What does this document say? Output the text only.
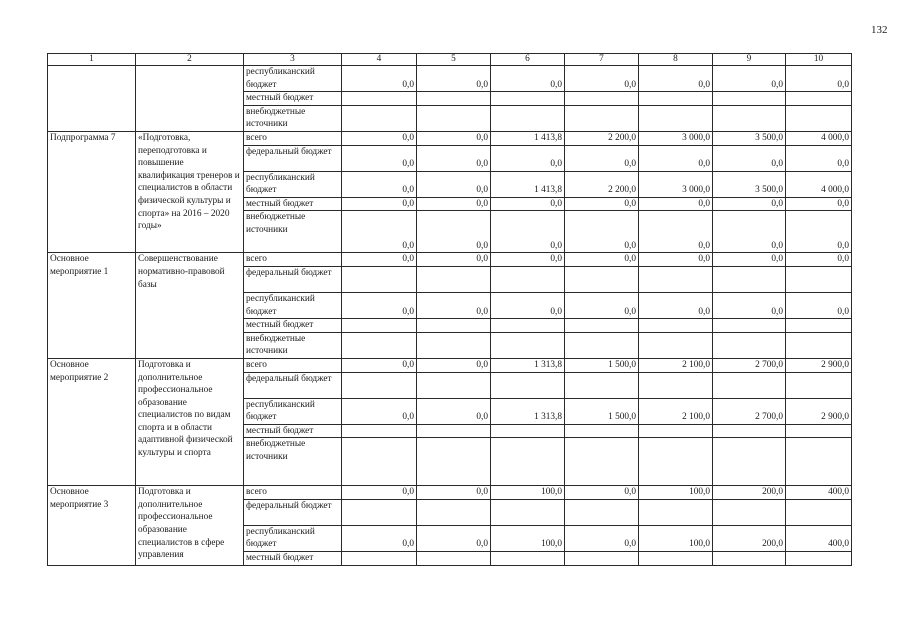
132
1	2	3	4	5	6	7	8	9	10
		республиканский бюджет	0,0	0,0	0,0	0,0	0,0	0,0	0,0
		местный бюджет							
		внебюджетные источники							

Подпрограмма 7	«Подготовка, переподготовка и повышение квалификация тренеров и специалистов в области физической культуры и спорта» на 2016 – 2020 годы»	всего	0,0	0,0	1 413,8	2 200,0	3 000,0	3 500,0	4 000,0
		федеральный бюджет	0,0	0,0	0,0	0,0	0,0	0,0	0,0
		республиканский бюджет	0,0	0,0	1 413,8	2 200,0	3 000,0	3 500,0	4 000,0
		местный бюджет	0,0	0,0	0,0	0,0	0,0	0,0	0,0
		внебюджетные источники	0,0	0,0	0,0	0,0	0,0	0,0	0,0

Основное мероприятие 1	Совершенствование нормативно-правовой базы	всего	0,0	0,0	0,0	0,0	0,0	0,0	0,0
		федеральный бюджет							
		республиканский бюджет	0,0	0,0	0,0	0,0	0,0	0,0	0,0
		местный бюджет							
		внебюджетные источники							

Основное мероприятие 2	Подготовка и дополнительное профессиональное образование специалистов по видам спорта и в области адаптивной физической культуры и спорта	всего	0,0	0,0	1 313,8	1 500,0	2 100,0	2 700,0	2 900,0
		федеральный бюджет							
		республиканский бюджет	0,0	0,0	1 313,8	1 500,0	2 100,0	2 700,0	2 900,0
		местный бюджет							
		внебюджетные источники							

Основное мероприятие 3	Подготовка и дополнительное профессиональное образование специалистов в сфере управления	всего	0,0	0,0	100,0	0,0	100,0	200,0	400,0
		федеральный бюджет							
		республиканский бюджет	0,0	0,0	100,0	0,0	100,0	200,0	400,0
		местный бюджет							
